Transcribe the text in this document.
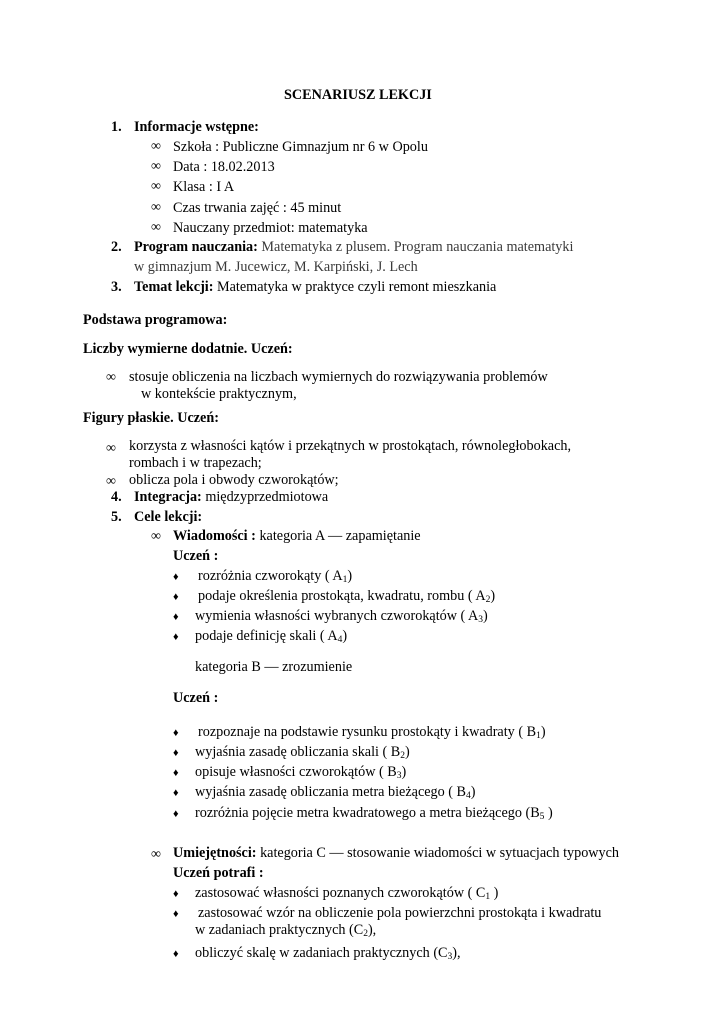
SCENARIUSZ LEKCJI
1. Informacje wstępne:
∞ Szkoła : Publiczne Gimnazjum nr 6 w Opolu
∞ Data : 18.02.2013
∞ Klasa : I A
∞ Czas trwania zajęć : 45 minut
∞ Nauczany przedmiot: matematyka
2. Program nauczania: Matematyka z plusem. Program nauczania matematyki
w gimnazjum M. Jucewicz, M. Karpiński, J. Lech
3. Temat lekcji: Matematyka w praktyce czyli remont mieszkania
Podstawa programowa:
Liczby wymierne dodatnie. Uczeń:
∞ stosuje obliczenia na liczbach wymiernych do rozwiązywania problemów
w kontekście praktycznym,
Figury płaskie. Uczeń:
∞ korzysta z własności kątów i przekątnych w prostokątach, równoległobokach,
rombach i w trapezach;
∞ oblicza pola i obwody czworokątów;
4. Integracja: międzyprzedmiotowa
5. Cele lekcji:
∞ Wiadomości : kategoria A — zapamiętanie
Uczeń :
♦ rozróżnia czworokąty ( $A_1$)
♦ podaje określenia prostokąta, kwadratu, rombu ( $A_2$)
♦ wymienia własności wybranych czworokątów ( $A_3$)
♦ podaje definicję skali ( $A_4$)
kategoria B — zrozumienie
Uczeń :
♦ rozpoznaje na podstawie rysunku prostokąty i kwadraty ( $B_1$)
♦ wyjaśnia zasadę obliczania skali ( $B_2$)
♦ opisuje własności czworokątów ( $B_3$)
♦ wyjaśnia zasadę obliczania metra bieżącego ( $B_4$)
♦ rozróżnia pojęcie metra kwadratowego a metra bieżącego ($B_5$ )
∞ Umiejętności: kategoria C — stosowanie wiadomości w sytuacjach typowych
Uczeń potrafi :
♦ zastosować własności poznanych czworokątów ( $C_1$ )
♦ zastosować wzór na obliczenie pola powierzchni prostokąta i kwadratu
w zadaniach praktycznych $(C_2)$,
♦ obliczyć skalę w zadaniach praktycznych $(C_3)$,
